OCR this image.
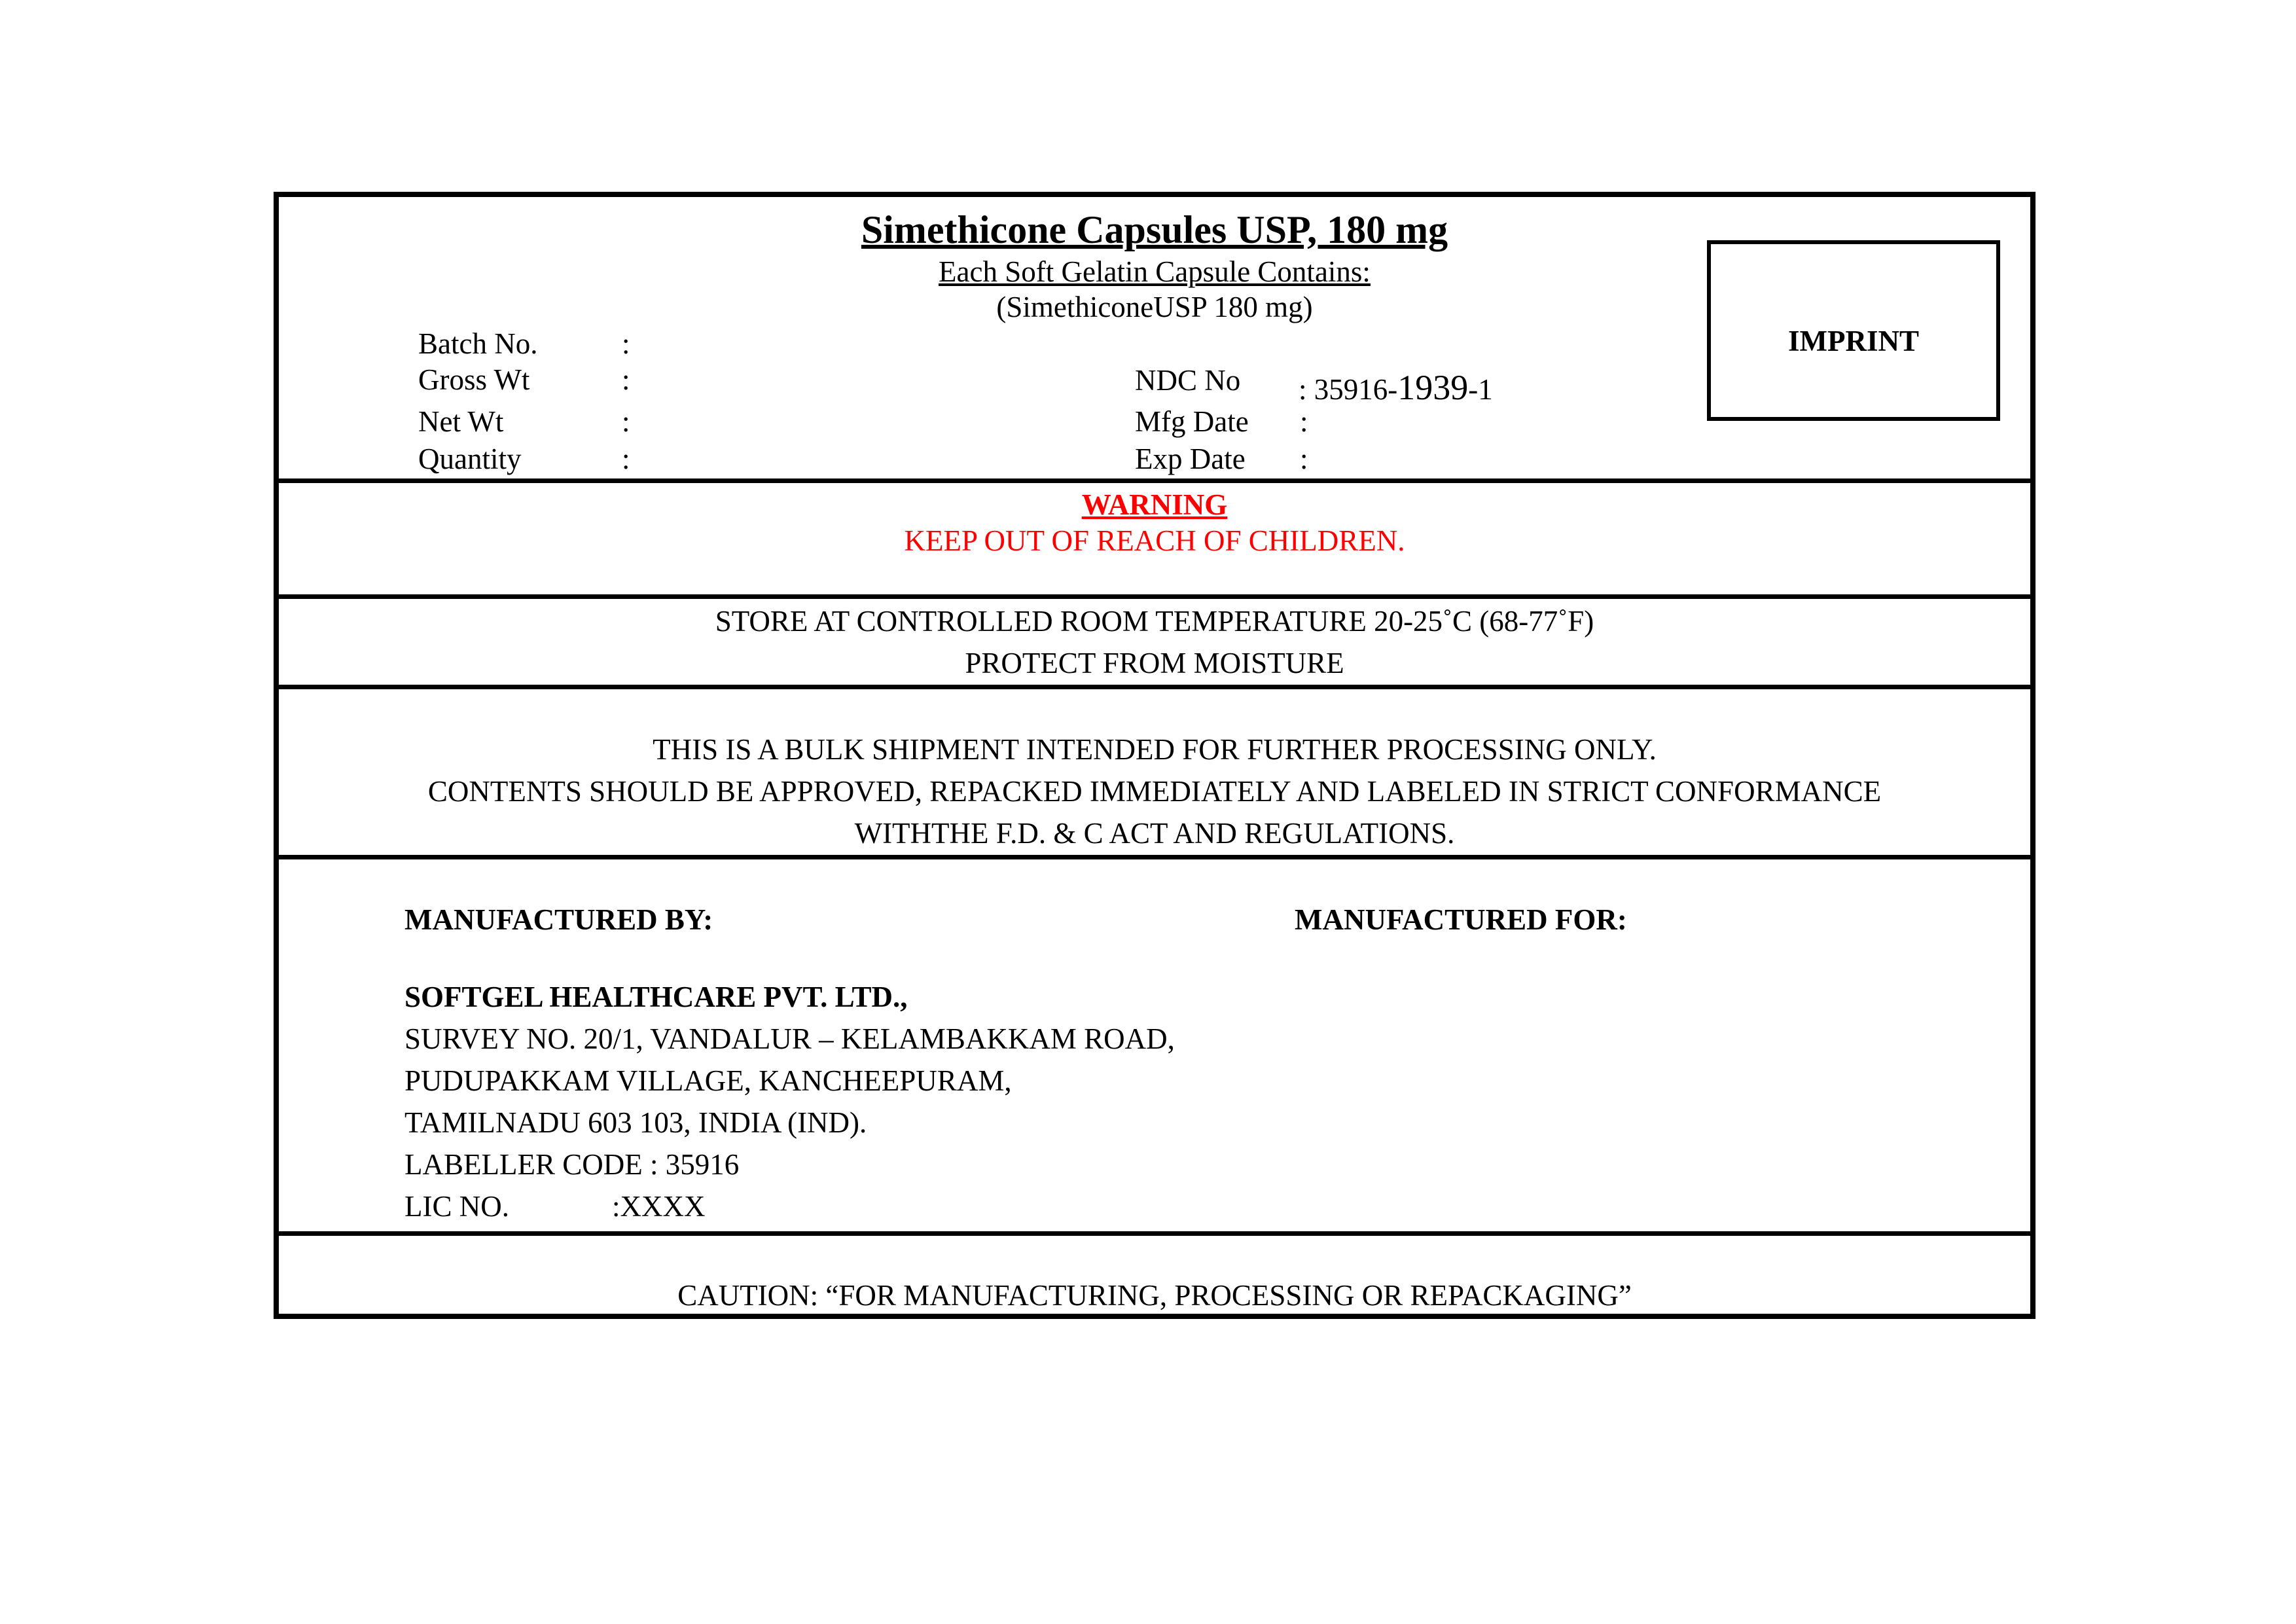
Simethicone Capsules USP, 180 mg
Each Soft Gelatin Capsule Contains:
(SimethiconeUSP 180 mg)
IMPRINT
Batch No.	:
Gross Wt	:
Net Wt	:
Quantity	:
NDC No : 35916-1939-1
Mfg Date :
Exp Date :
WARNING
KEEP OUT OF REACH OF CHILDREN.
STORE AT CONTROLLED ROOM TEMPERATURE 20-25˚C (68-77˚F)
PROTECT FROM MOISTURE
THIS IS A BULK SHIPMENT INTENDED FOR FURTHER PROCESSING ONLY.
CONTENTS SHOULD BE APPROVED, REPACKED IMMEDIATELY AND LABELED IN STRICT CONFORMANCE
WITHTHE F.D. & C ACT AND REGULATIONS.
MANUFACTURED BY:	MANUFACTURED FOR:
SOFTGEL HEALTHCARE PVT. LTD.,
SURVEY NO. 20/1, VANDALUR – KELAMBAKKAM ROAD,
PUDUPAKKAM VILLAGE, KANCHEEPURAM,
TAMILNADU 603 103, INDIA (IND).
LABELLER CODE : 35916
LIC NO.	:XXXX
CAUTION: “FOR MANUFACTURING, PROCESSING OR REPACKAGING”
